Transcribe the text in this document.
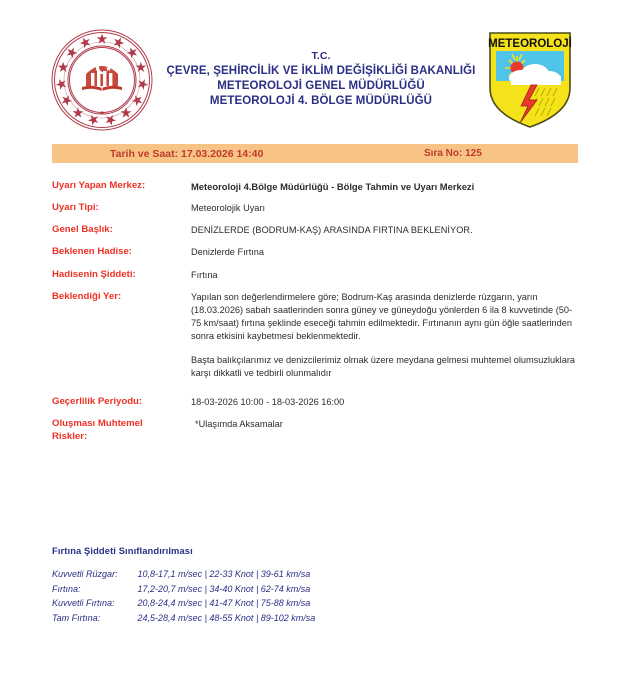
T.C.
ÇEVRE, ŞEHİRCİLİK VE İKLİM DEĞİŞİKLİĞİ BAKANLIĞI
METEOROLOJİ GENEL MÜDÜRLÜĞÜ
METEOROLOJİ 4. BÖLGE MÜDÜRLÜĞÜ
METEOROLOJİ
Tarih ve Saat: 17.03.2026 14:40	Sıra No: 125
Uyarı Yapan Merkez:	Meteoroloji 4.Bölge Müdürlüğü - Bölge Tahmin ve Uyarı Merkezi
Uyarı Tipi:	Meteorolojik Uyarı
Genel Başlık:	DENİZLERDE (BODRUM-KAŞ) ARASINDA FIRTINA BEKLENİYOR.
Beklenen Hadise:	Denizlerde Fırtına
Hadisenin Şiddeti:	Fırtına
Beklendiği Yer:	Yapılan son değerlendirmelere göre; Bodrum-Kaş arasında denizlerde rüzgarın, yarın (18.03.2026) sabah saatlerinden sonra güney ve güneydoğu yönlerden 6 ila 8 kuvvetinde (50-75 km/saat) fırtına şeklinde eseceği tahmin edilmektedir. Fırtınanın aynı gün öğle saatlerinden sonra etkisini kaybetmesi beklenmektedir.

Başta balıkçılarımız ve denizcilerimiz olmak üzere meydana gelmesi muhtemel olumsuzluklara karşı dikkatli ve tedbirli olunmalıdır

Geçerlilik Periyodu:	18-03-2026 10:00 - 18-03-2026 16:00
Oluşması Muhtemel
Riskler:
*Ulaşımda Aksamalar
Fırtına Şiddeti Sınıflandırılması
Kuvvetli Rüzgar:	10,8-17,1 m/sec | 22-33 Knot | 39-61 km/sa
Fırtına:	17,2-20,7 m/sec | 34-40 Knot | 62-74 km/sa
Kuvvetli Fırtına:	20,8-24,4 m/sec | 41-47 Knot | 75-88 km/sa
Tam Fırtına:	24,5-28,4 m/sec | 48-55 Knot | 89-102 km/sa
